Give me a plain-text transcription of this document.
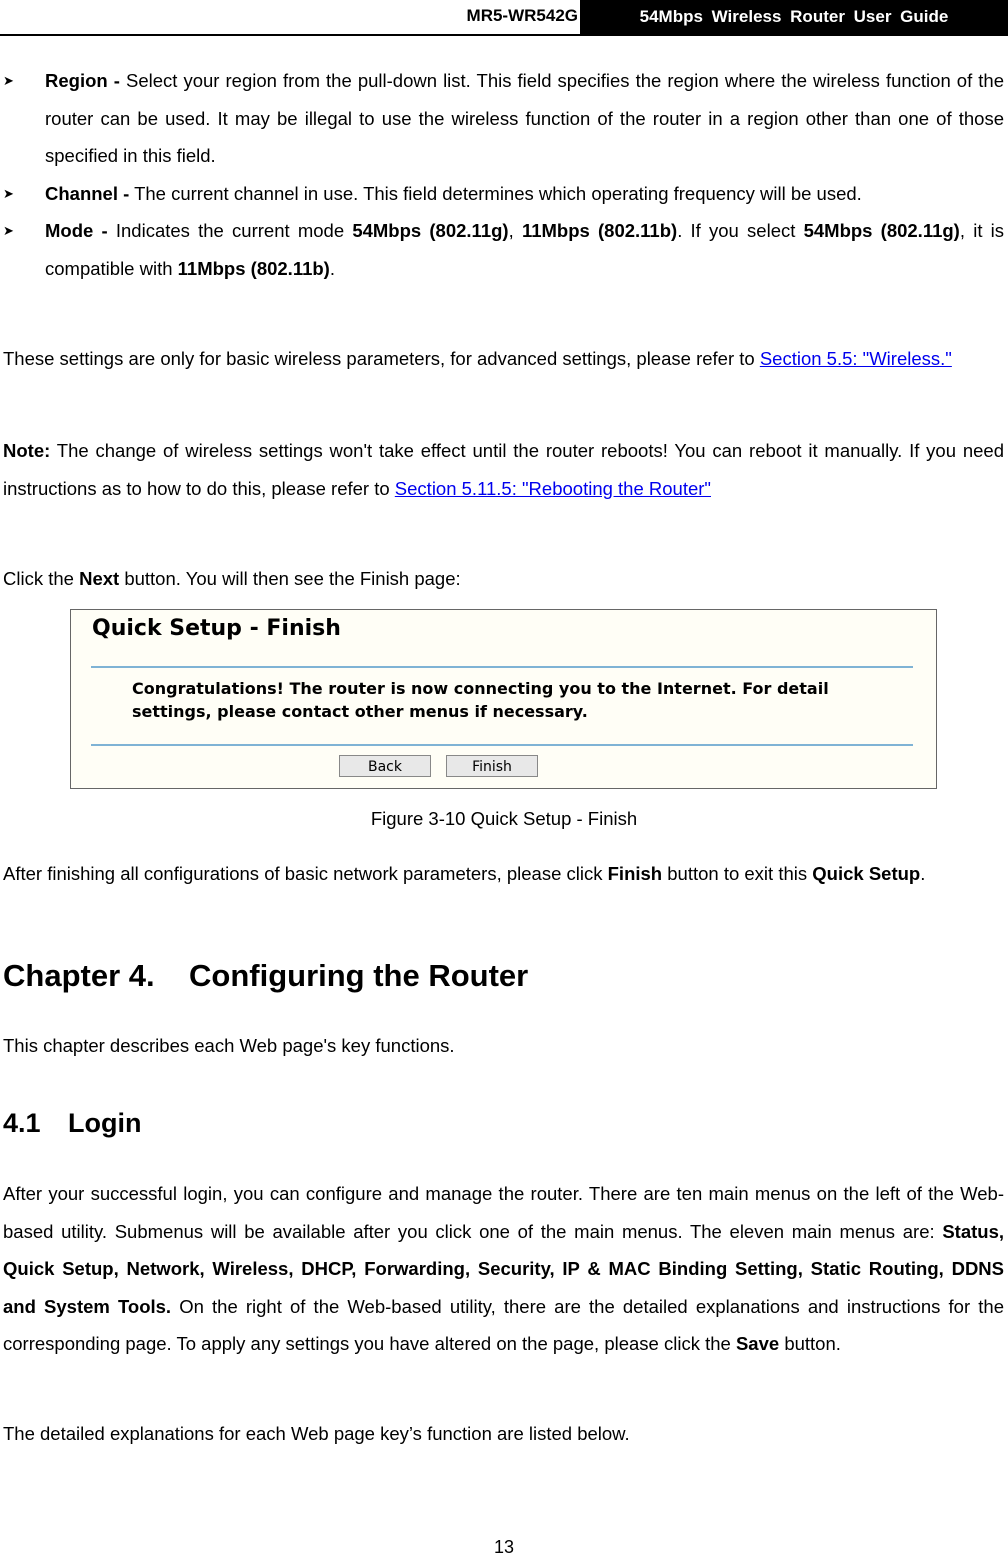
MR5-WR542G	54Mbps Wireless Router User Guide
➤ Region - Select your region from the pull-down list. This field specifies the region where the wireless function of the router can be used. It may be illegal to use the wireless function of the router in a region other than one of those specified in this field.
➤ Channel - The current channel in use. This field determines which operating frequency will be used.
➤ Mode - Indicates the current mode 54Mbps (802.11g), 11Mbps (802.11b). If you select 54Mbps (802.11g), it is compatible with 11Mbps (802.11b).
These settings are only for basic wireless parameters, for advanced settings, please refer to Section 5.5: "Wireless."
Note: The change of wireless settings won't take effect until the router reboots! You can reboot it manually. If you need instructions as to how to do this, please refer to Section 5.11.5: "Rebooting the Router"
Click the Next button. You will then see the Finish page:
Quick Setup - Finish
Congratulations! The router is now connecting you to the Internet. For detail settings, please contact other menus if necessary.
Back	Finish
Figure 3-10 Quick Setup - Finish
After finishing all configurations of basic network parameters, please click Finish button to exit this Quick Setup.
Chapter 4. Configuring the Router
This chapter describes each Web page's key functions.
4.1 Login
After your successful login, you can configure and manage the router. There are ten main menus on the left of the Web-based utility. Submenus will be available after you click one of the main menus. The eleven main menus are: Status, Quick Setup, Network, Wireless, DHCP, Forwarding, Security, IP & MAC Binding Setting, Static Routing, DDNS and System Tools. On the right of the Web-based utility, there are the detailed explanations and instructions for the corresponding page. To apply any settings you have altered on the page, please click the Save button.
The detailed explanations for each Web page key’s function are listed below.
13
